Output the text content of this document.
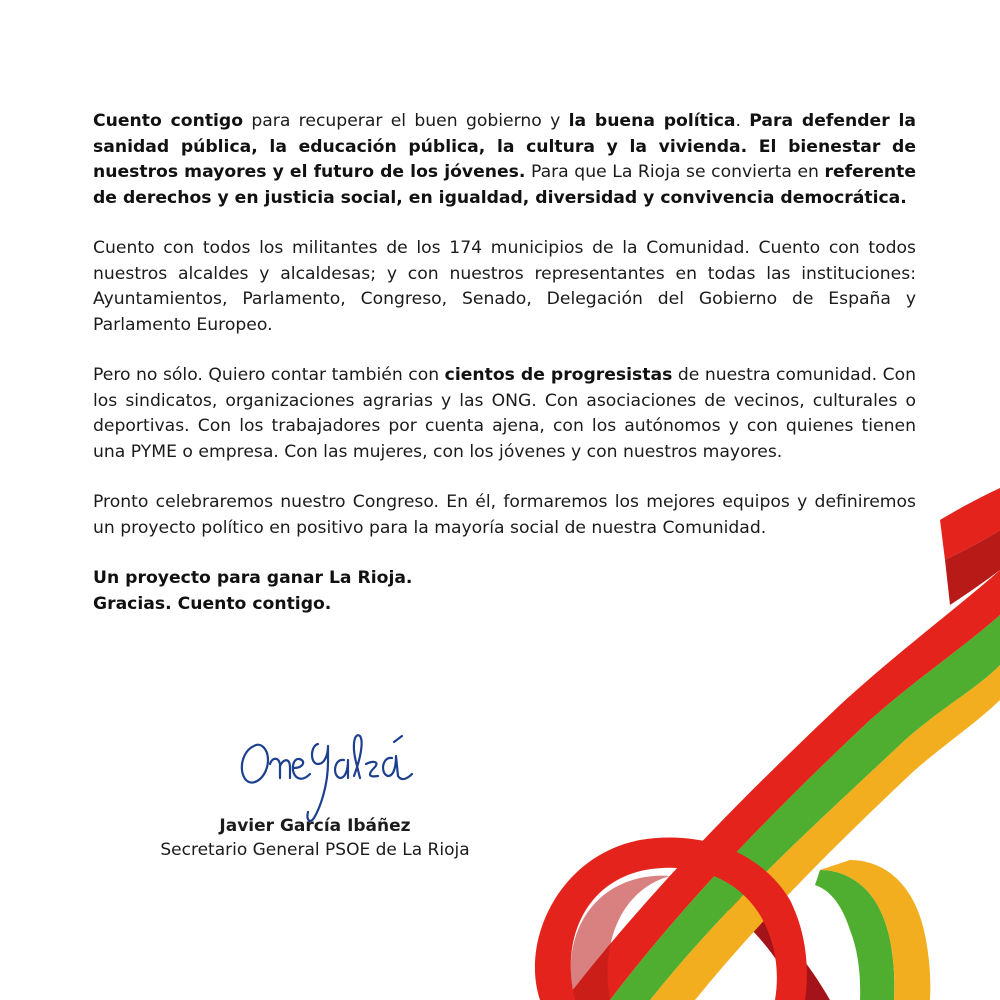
Cuento contigo para recuperar el buen gobierno y la buena política. Para defender la sanidad pública, la educación pública, la cultura y la vivienda. El bienestar de nuestros mayores y el futuro de los jóvenes. Para que La Rioja se convierta en referente de derechos y en justicia social, en igualdad, diversidad y convivencia democrática.

Cuento con todos los militantes de los 174 municipios de la Comunidad. Cuento con todos nuestros alcaldes y alcaldesas; y con nuestros representantes en todas las instituciones: Ayuntamientos, Parlamento, Congreso, Senado, Delegación del Gobierno de España y Parlamento Europeo.

Pero no sólo. Quiero contar también con cientos de progresistas de nuestra comunidad. Con los sindicatos, organizaciones agrarias y las ONG. Con asociaciones de vecinos, culturales o deportivas. Con los trabajadores por cuenta ajena, con los autónomos y con quienes tienen una PYME o empresa. Con las mujeres, con los jóvenes y con nuestros mayores.

Pronto celebraremos nuestro Congreso. En él, formaremos los mejores equipos y definiremos un proyecto político en positivo para la mayoría social de nuestra Comunidad.

Un proyecto para ganar La Rioja.
Gracias. Cuento contigo.

Javier García Ibáñez
Secretario General PSOE de La Rioja
